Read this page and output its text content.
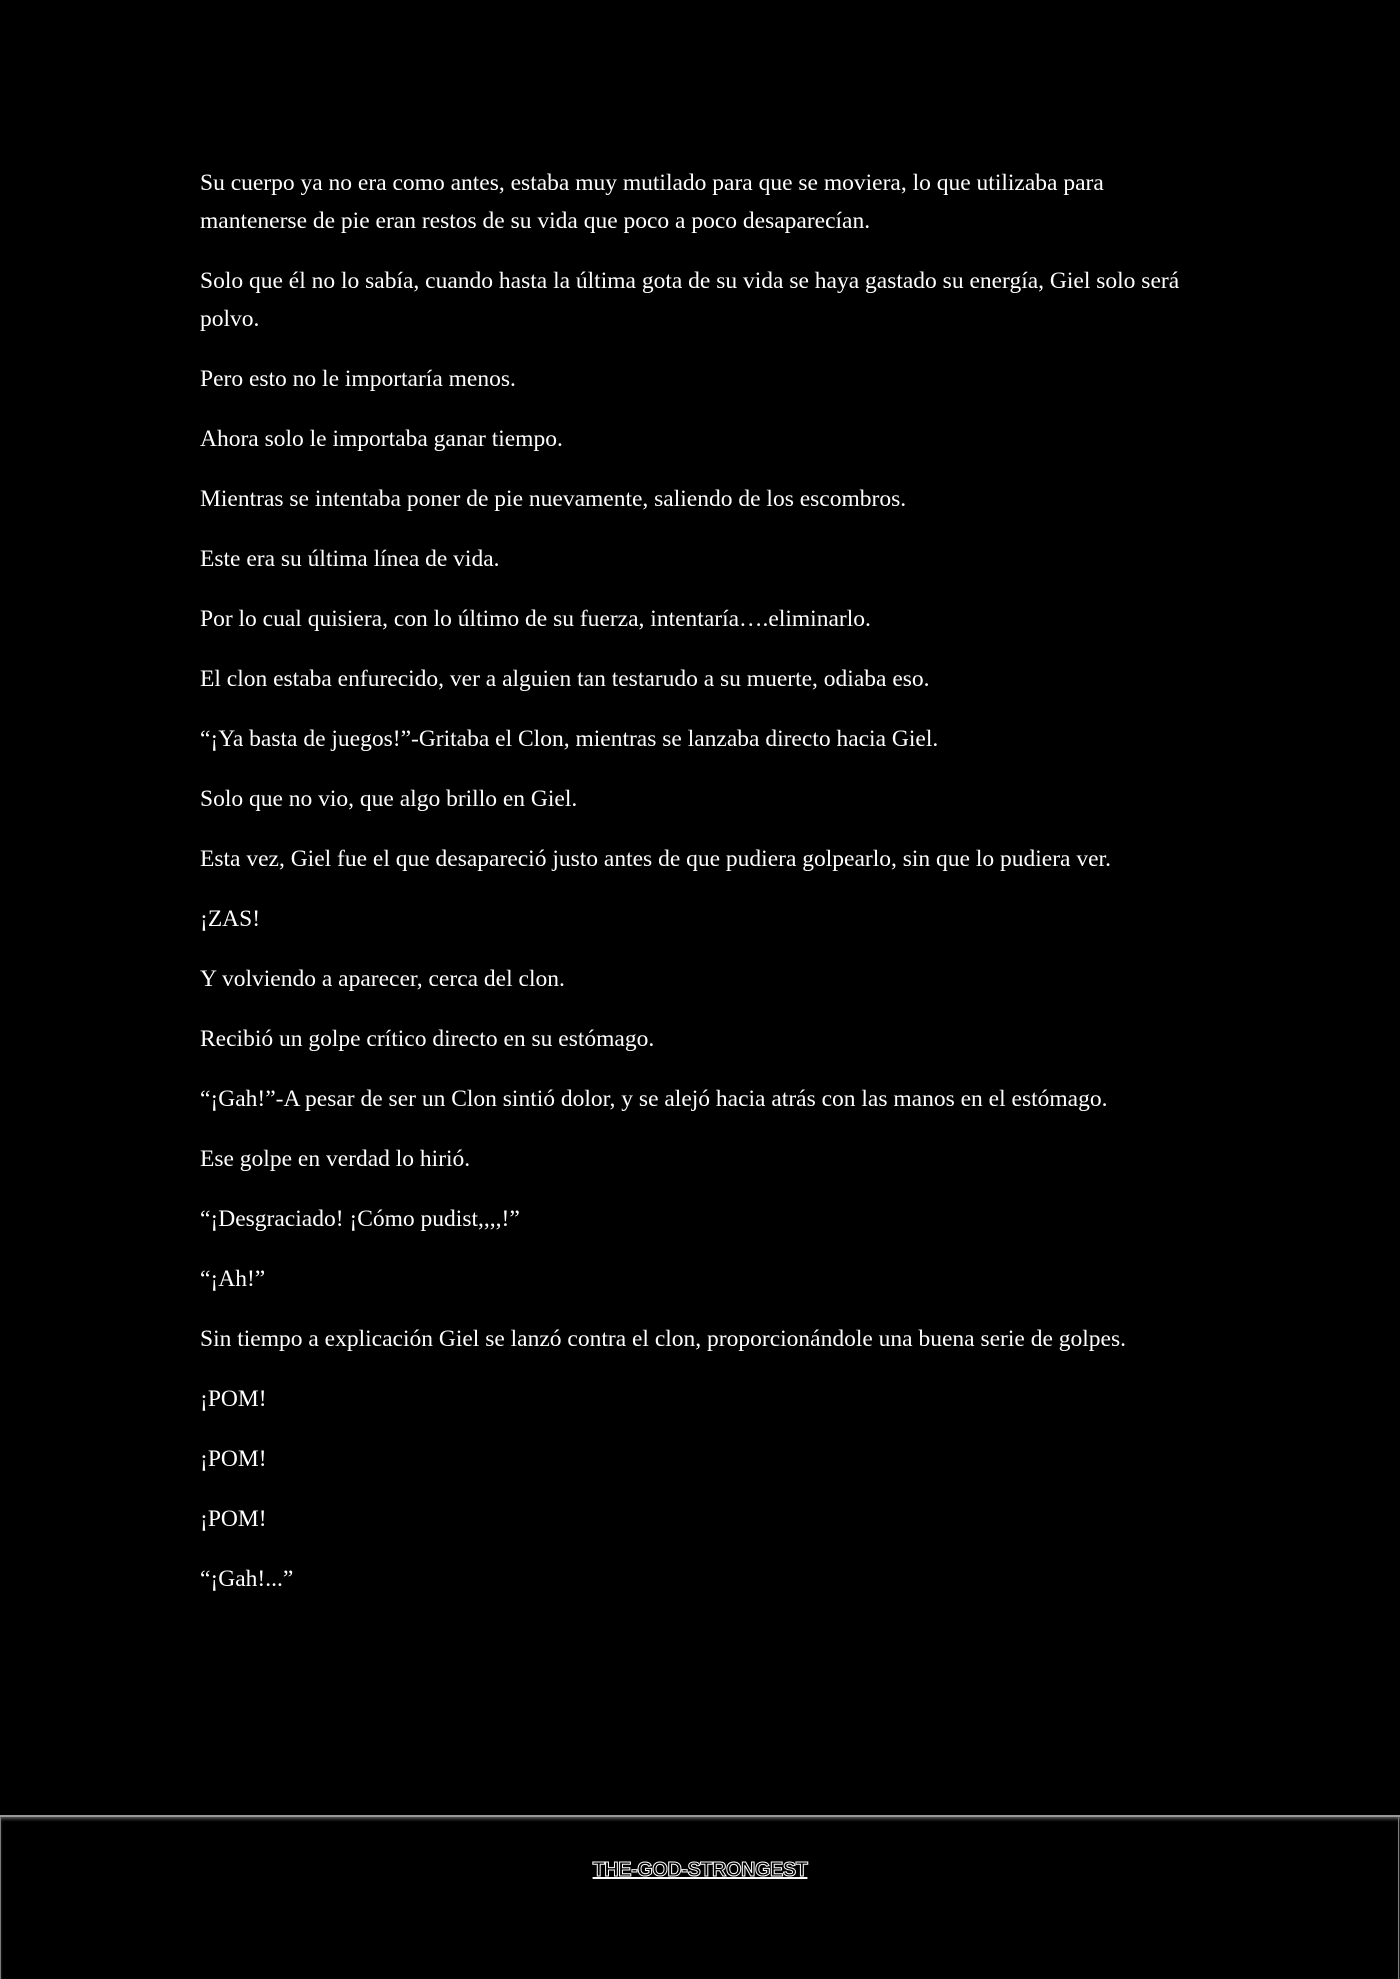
Su cuerpo ya no era como antes, estaba muy mutilado para que se moviera, lo que utilizaba para mantenerse de pie eran restos de su vida que poco a poco desaparecían.

Solo que él no lo sabía, cuando hasta la última gota de su vida se haya gastado su energía, Giel solo será polvo.

Pero esto no le importaría menos.

Ahora solo le importaba ganar tiempo.

Mientras se intentaba poner de pie nuevamente, saliendo de los escombros.

Este era su última línea de vida.

Por lo cual quisiera, con lo último de su fuerza, intentaría….eliminarlo.

El clon estaba enfurecido, ver a alguien tan testarudo a su muerte, odiaba eso.

“¡Ya basta de juegos!”-Gritaba el Clon, mientras se lanzaba directo hacia Giel.

Solo que no vio, que algo brillo en Giel.

Esta vez, Giel fue el que desapareció justo antes de que pudiera golpearlo, sin que lo pudiera ver.

¡ZAS!

Y volviendo a aparecer, cerca del clon.

Recibió un golpe crítico directo en su estómago.

“¡Gah!”-A pesar de ser un Clon sintió dolor, y se alejó hacia atrás con las manos en el estómago.

Ese golpe en verdad lo hirió.

“¡Desgraciado! ¡Cómo pudist,,,,!”

“¡Ah!”

Sin tiempo a explicación Giel se lanzó contra el clon, proporcionándole una buena serie de golpes.

¡POM!

¡POM!

¡POM!

“¡Gah!...”

THE-GOD-STRONGEST
